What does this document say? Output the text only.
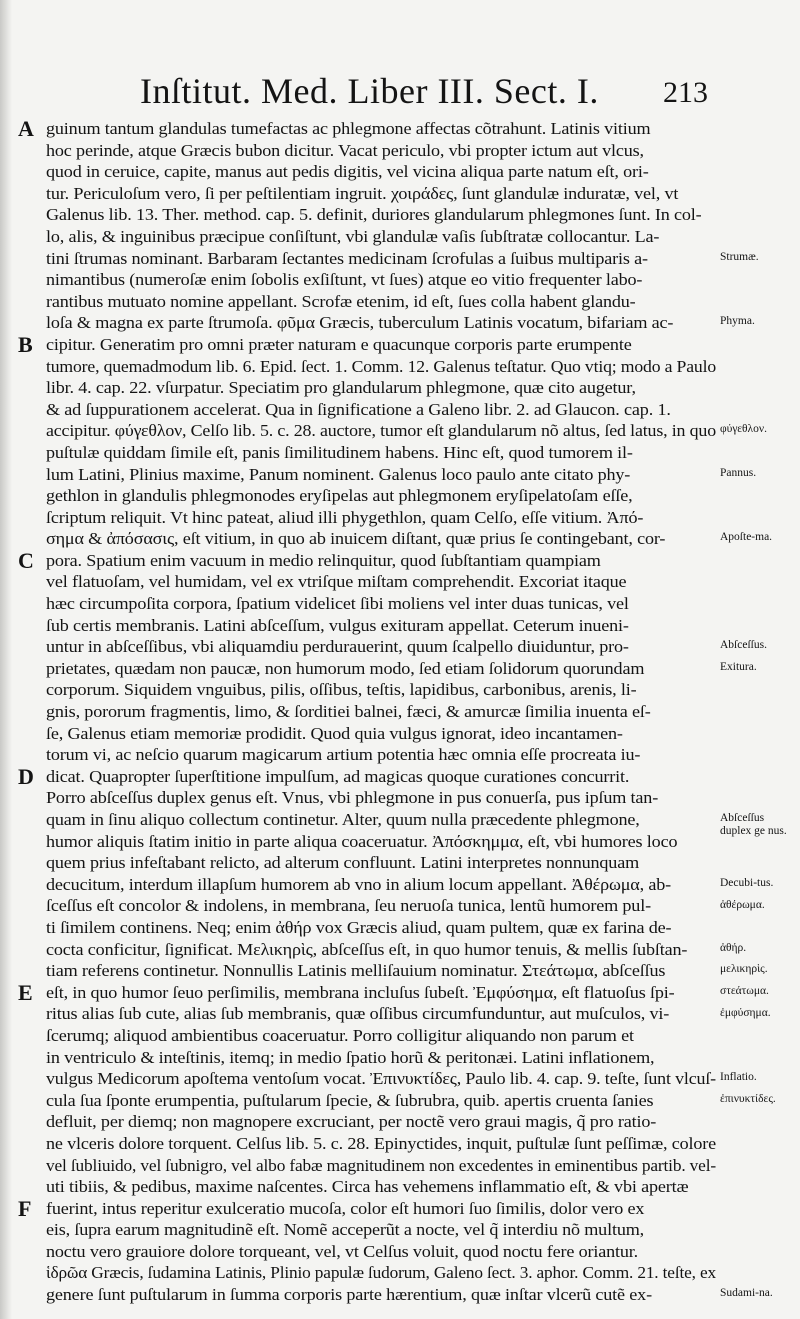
Inſtitut. Med. Liber III. Sect. I. 213
A guinum tantum glandulas tumefactas ac phlegmone affectas cõtrahunt. Latinis vitium
hoc perinde, atque Græcis bubon dicitur. Vacat periculo, vbi propter ictum aut vlcus,
quod in ceruice, capite, manus aut pedis digitis, vel vicina aliqua parte natum eſt, ori-
tur. Periculoſum vero, ſi per peſtilentiam ingruit. χοιράδες, ſunt glandulæ induratæ, vel, vt
Galenus lib. 13. Ther. method. cap. 5. definit, duriores glandularum phlegmones ſunt. In col-
lo, alis, & inguinibus præcipue conſiſtunt, vbi glandulæ vaſis ſubſtratæ collocantur. La-
tini ſtrumas nominant. Barbaram ſectantes medicinam ſcrofulas a ſuibus multiparis a-
nimantibus (numeroſæ enim ſobolis exſiſtunt, vt ſues) atque eo vitio frequenter labo-
rantibus mutuato nomine appellant. Scrofæ etenim, id eſt, ſues colla habent glandu-
loſa & magna ex parte ſtrumoſa. φῦμα Græcis, tuberculum Latinis vocatum, bifariam ac-
B cipitur. Generatim pro omni præter naturam e quacunque corporis parte erumpente
tumore, quemadmodum lib. 6. Epid. ſect. 1. Comm. 12. Galenus teſtatur. Quo vtiq; modo a Paulo
libr. 4. cap. 22. vſurpatur. Speciatim pro glandularum phlegmone, quæ cito augetur,
& ad ſuppurationem accelerat. Qua in ſignificatione a Galeno libr. 2. ad Glaucon. cap. 1.
accipitur. φύγεθλον, Celſo lib. 5. c. 28. auctore, tumor eſt glandularum nõ altus, ſed latus, in quo
puſtulæ quiddam ſimile eſt, panis ſimilitudinem habens. Hinc eſt, quod tumorem il-
lum Latini, Plinius maxime, Panum nominent. Galenus loco paulo ante citato phy-
gethlon in glandulis phlegmonodes eryſipelas aut phlegmonem eryſipelatoſam eſſe,
ſcriptum reliquit. Vt hinc pateat, aliud illi phygethlon, quam Celſo, eſſe vitium. Ἀπό-
σημα & ἀπόσασις, eſt vitium, in quo ab inuicem diſtant, quæ prius ſe contingebant, cor-
C pora. Spatium enim vacuum in medio relinquitur, quod ſubſtantiam quampiam
vel flatuoſam, vel humidam, vel ex vtriſque miſtam comprehendit. Excoriat itaque
hæc circumpoſita corpora, ſpatium videlicet ſibi moliens vel inter duas tunicas, vel
ſub certis membranis. Latini abſceſſum, vulgus exituram appellat. Ceterum inueni-
untur in abſceſſibus, vbi aliquamdiu perdurauerint, quum ſcalpello diuiduntur, pro-
prietates, quædam non paucæ, non humorum modo, ſed etiam ſolidorum quorundam
corporum. Siquidem vnguibus, pilis, oſſibus, teſtis, lapidibus, carbonibus, arenis, li-
gnis, pororum fragmentis, limo, & ſorditiei balnei, fæci, & amurcæ ſimilia inuenta eſ-
ſe, Galenus etiam memoriæ prodidit. Quod quia vulgus ignorat, ideo incantamen-
torum vi, ac neſcio quarum magicarum artium potentia hæc omnia eſſe procreata iu-
D dicat. Quapropter ſuperſtitione impulſum, ad magicas quoque curationes concurrit.
Porro abſceſſus duplex genus eſt. Vnus, vbi phlegmone in pus conuerſa, pus ipſum tan-
quam in ſinu aliquo collectum continetur. Alter, quum nulla præcedente phlegmone,
humor aliquis ſtatim initio in parte aliqua coaceruatur. Ἀπόσκημμα, eſt, vbi humores loco
quem prius infeſtabant relicto, ad alterum confluunt. Latini interpretes nonnunquam
decucitum, interdum illapſum humorem ab vno in alium locum appellant. Ἀθέρωμα, ab-
ſceſſus eſt concolor & indolens, in membrana, ſeu neruoſa tunica, lentũ humorem pul-
ti ſimilem continens. Neq; enim ἀθήρ vox Græcis aliud, quam pultem, quæ ex farina de-
cocta conficitur, ſignificat. Μελικηρὶς, abſceſſus eſt, in quo humor tenuis, & mellis ſubſtan-
tiam referens continetur. Nonnullis Latinis melliſauium nominatur. Στεάτωμα, abſceſſus
E eſt, in quo humor ſeuo perſimilis, membrana incluſus ſubeſt. Ἐμφύσημα, eſt flatuoſus ſpi-
ritus alias ſub cute, alias ſub membranis, quæ oſſibus circumfunduntur, aut muſculos, vi-
ſcerumq; aliquod ambientibus coaceruatur. Porro colligitur aliquando non parum et
in ventriculo & inteſtinis, itemq; in medio ſpatio horũ & peritonæi. Latini inflationem,
vulgus Medicorum apoſtema ventoſum vocat. Ἐπινυκτίδες, Paulo lib. 4. cap. 9. teſte, ſunt vlcuſ-
cula ſua ſponte erumpentia, puſtularum ſpecie, & ſubrubra, quib. apertis cruenta ſanies
defluit, per diemq; non magnopere excruciant, per noctẽ vero graui magis, q̃ pro ratio-
ne vlceris dolore torquent. Celſus lib. 5. c. 28. Epinyctides, inquit, puſtulæ ſunt peſſimæ, colore
vel ſubliuido, vel ſubnigro, vel albo fabæ magnitudinem non excedentes in eminentibus partib. vel-
uti tibiis, & pedibus, maxime naſcentes. Circa has vehemens inflammatio eſt, & vbi apertæ
F fuerint, intus reperitur exulceratio mucoſa, color eſt humori ſuo ſimilis, dolor vero ex
eis, ſupra earum magnitudinẽ eſt. Nomẽ acceperũt a nocte, vel q̃ interdiu nõ multum,
noctu vero grauiore dolore torqueant, vel, vt Celſus voluit, quod noctu fere oriantur.
ἱδρῶα Græcis, ſudamina Latinis, Plinio papulæ ſudorum, Galeno ſect. 3. aphor. Comm. 21. teſte, ex
genere ſunt puſtularum in ſumma corporis parte hærentium, quæ inſtar vlcerũ cutẽ ex-
Strumæ.
Phyma.
φύγεθλον.
Pannus.
Apoſte-ma.
Abſceſſus.
Exitura.
Abſceſſus duplex ge nus.
Decubi-tus.
ἀθέρωμα.
ἀθήρ.
μελικηρὶς.
στεάτωμα.
ἐμφύσημα.
Inflatio.
ἐπινυκτίδες.
Sudami-na.
